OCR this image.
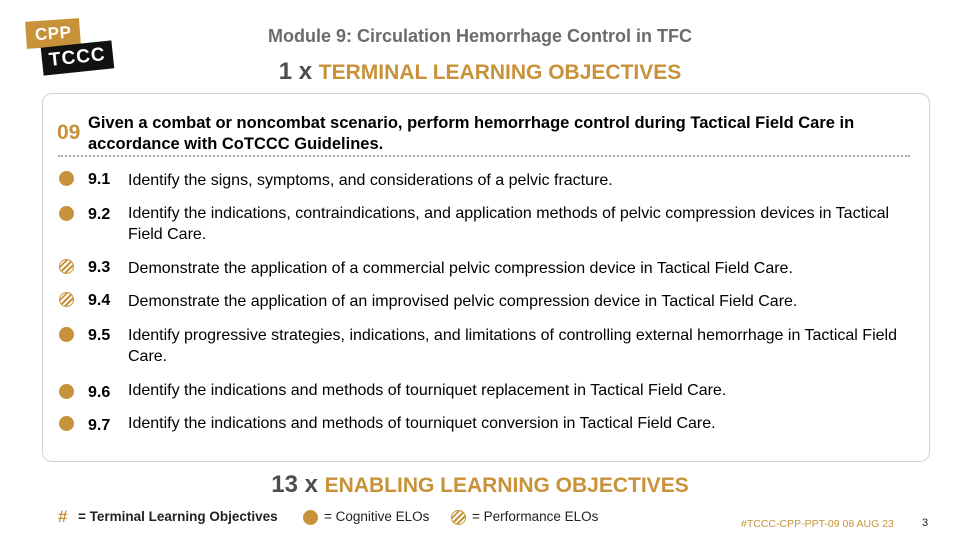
CPP
TCCC
Module 9: Circulation Hemorrhage Control in TFC
1 x TERMINAL LEARNING OBJECTIVES
09 Given a combat or noncombat scenario, perform hemorrhage control during Tactical Field Care in accordance with CoTCCC Guidelines.
9.1 Identify the signs, symptoms, and considerations of a pelvic fracture.
9.2 Identify the indications, contraindications, and application methods of pelvic compression devices in Tactical Field Care.
9.3 Demonstrate the application of a commercial pelvic compression device in Tactical Field Care.
9.4 Demonstrate the application of an improvised pelvic compression device in Tactical Field Care.
9.5 Identify progressive strategies, indications, and limitations of controlling external hemorrhage in Tactical Field Care.
9.6 Identify the indications and methods of tourniquet replacement in Tactical Field Care.
9.7 Identify the indications and methods of tourniquet conversion in Tactical Field Care.
13 x ENABLING LEARNING OBJECTIVES
# = Terminal Learning Objectives	= Cognitive ELOs	= Performance ELOs	#TCCC-CPP-PPT-09 08 AUG 23	3
